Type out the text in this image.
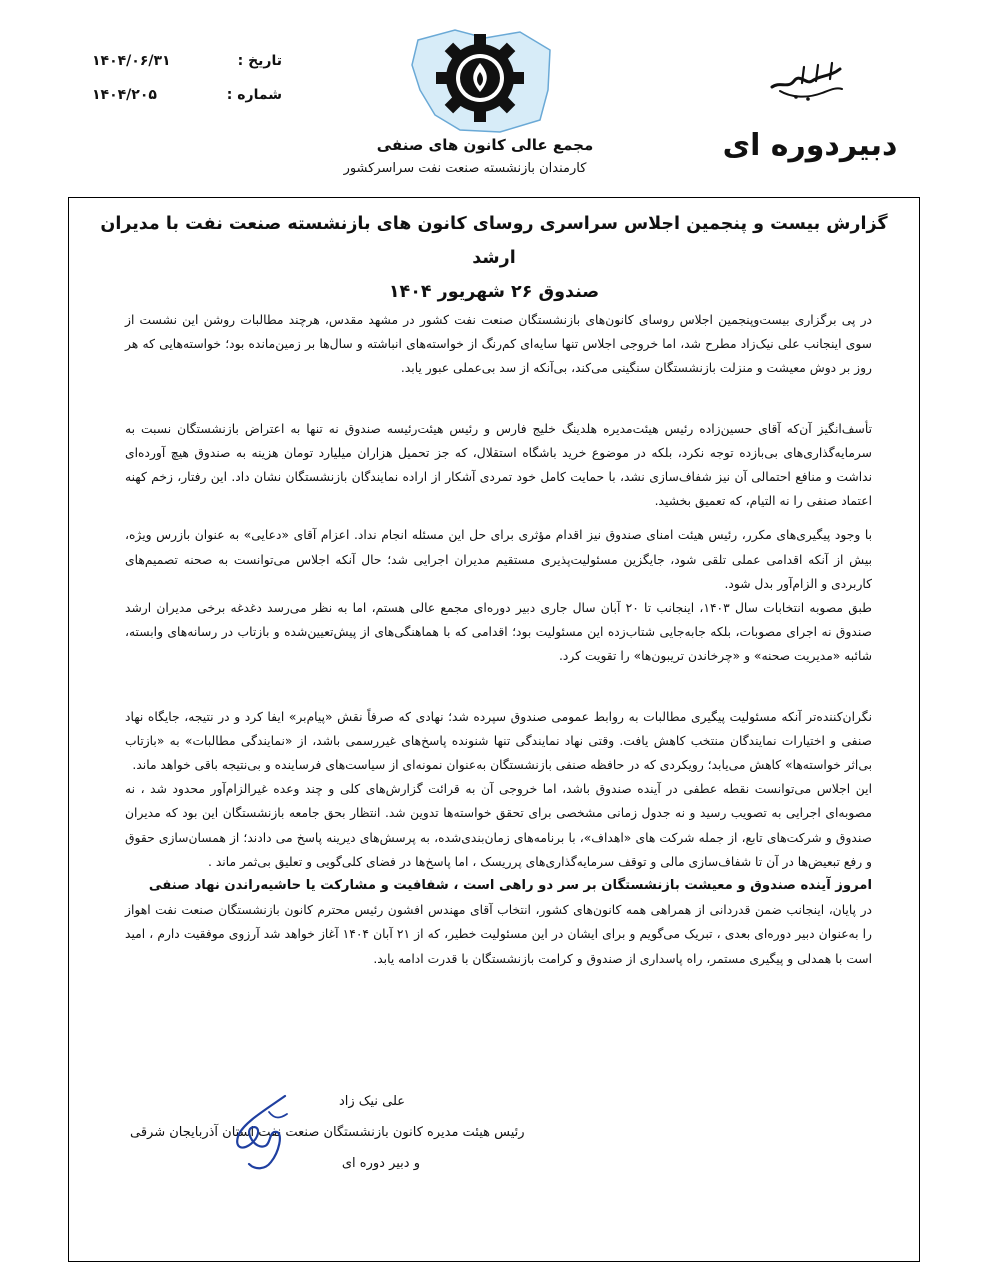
تاریخ :
۱۴۰۴/۰۶/۳۱
شماره :
۱۴۰۴/۲۰۵
مجمع عالی کانون های صنفی
کارمندان بازنشسته صنعت نفت سراسرکشور
دبیردوره ای
گزارش بیست و پنجمین اجلاس سراسری روسای کانون های بازنشسته صنعت نفت با مدیران ارشد
صندوق ۲۶ شهریور ۱۴۰۴

در پی برگزاری بیست‌وپنجمین اجلاس روسای کانون‌های بازنشستگان صنعت نفت کشور در مشهد مقدس، هرچند مطالبات روشن این نشست از سوی اینجانب علی نیک‌زاد مطرح شد، اما خروجی اجلاس تنها سایه‌ای کم‌رنگ از خواسته‌های انباشته و سال‌ها بر زمین‌مانده بود؛ خواسته‌هایی که هر روز بر دوش معیشت و منزلت بازنشستگان سنگینی می‌کند، بی‌آنکه از سد بی‌عملی عبور یابد.

تأسف‌انگیز آن‌که آقای حسین‌زاده رئیس هیئت‌مدیره هلدینگ خلیج فارس و رئیس هیئت‌رئیسه صندوق نه تنها به اعتراض بازنشستگان نسبت به سرمایه‌گذاری‌های بی‌بازده توجه نکرد، بلکه در موضوع خرید باشگاه استقلال، که جز تحمیل هزاران میلیارد تومان هزینه به صندوق هیچ آورده‌ای نداشت و منافع احتمالی آن نیز شفاف‌سازی نشد، با حمایت کامل خود تمردی آشکار از اراده نمایندگان بازنشستگان نشان داد. این رفتار، زخم کهنه اعتماد صنفی را نه التیام، که تعمیق بخشید.

با وجود پیگیری‌های مکرر، رئیس هیئت امنای صندوق نیز اقدام مؤثری برای حل این مسئله انجام نداد. اعزام آقای «دعایی» به عنوان بازرس ویژه، بیش از آنکه اقدامی عملی تلقی شود، جایگزین مسئولیت‌پذیری مستقیم مدیران اجرایی شد؛ حال آنکه اجلاس می‌توانست به صحنه تصمیم‌های کاربردی و الزام‌آور بدل شود.

طبق مصوبه انتخابات سال ۱۴۰۳، اینجانب تا ۲۰ آبان سال جاری دبیر دوره‌ای مجمع عالی هستم، اما به نظر می‌رسد دغدغه برخی مدیران ارشد صندوق نه اجرای مصوبات، بلکه جابه‌جایی شتاب‌زده این مسئولیت بود؛ اقدامی که با هماهنگی‌های از پیش‌تعیین‌شده و بازتاب در رسانه‌های وابسته، شائبه «مدیریت صحنه» و «چرخاندن تریبون‌ها» را تقویت کرد.

نگران‌کننده‌تر آنکه مسئولیت پیگیری مطالبات به روابط عمومی صندوق سپرده شد؛ نهادی که صرفاً نقش «پیام‌بر» ایفا کرد و در نتیجه، جایگاه نهاد صنفی و اختیارات نمایندگان منتخب کاهش یافت. وقتی نهاد نمایندگی تنها شنونده پاسخ‌های غیررسمی باشد، از «نمایندگی مطالبات» به «بازتاب بی‌اثر خواسته‌ها» کاهش می‌یابد؛ رویکردی که در حافظه صنفی بازنشستگان به‌عنوان نمونه‌ای از سیاست‌های فرساینده و بی‌نتیجه باقی خواهد ماند.

این اجلاس می‌توانست نقطه عطفی در آینده صندوق باشد، اما خروجی آن به قرائت گزارش‌های کلی و چند وعده غیرالزام‌آور محدود شد ، نه مصوبه‌ای اجرایی به تصویب رسید و نه جدول زمانی مشخصی برای تحقق خواسته‌ها تدوین شد. انتظار بحق جامعه بازنشستگان این بود که مدیران صندوق و شرکت‌های تابع، از جمله شرکت های «اهداف»، با برنامه‌های زمان‌بندی‌شده، به پرسش‌های دیرینه پاسخ می دادند؛ از همسان‌سازی حقوق و رفع تبعیض‌ها در آن تا شفاف‌سازی مالی و توقف سرمایه‌گذاری‌های پرریسک ، اما پاسخ‌ها در فضای کلی‌گویی و تعلیق بی‌ثمر ماند .

امروز آینده صندوق و معیشت بازنشستگان بر سر دو راهی است ، شفافیت و مشارکت یا حاشیه‌راندن نهاد صنفی

در پایان، اینجانب ضمن قدردانی از همراهی همه کانون‌های کشور، انتخاب آقای مهندس افشون رئیس محترم کانون بازنشستگان صنعت نفت اهواز را به‌عنوان دبیر دوره‌ای بعدی ، تبریک می‌گویم و برای ایشان در این مسئولیت خطیر، که از ۲۱ آبان ۱۴۰۴ آغاز خواهد شد آرزوی موفقیت دارم ، امید است با همدلی و پیگیری مستمر، راه پاسداری از صندوق و کرامت بازنشستگان با قدرت ادامه یابد.

علی نیک زاد
رئیس هیئت مدیره کانون بازنشستگان صنعت نفت استان آذربایجان شرقی
و دبیر دوره ای
